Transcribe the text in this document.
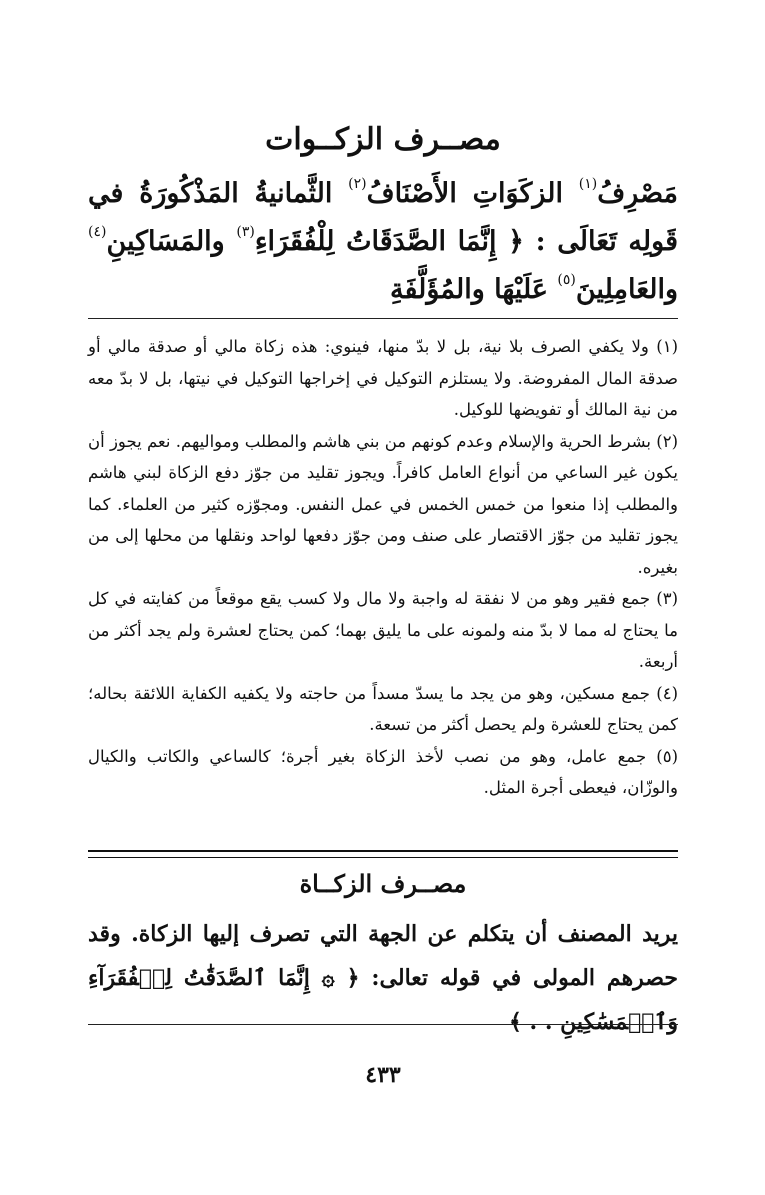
مصــرف الزكــوات
مَصْرِفُ$^{(١)}$ الزكَوَاتِ الأَصْنَافُ$^{(٢)}$ الثَّمانيةُ المَذْكُورَةُ في قَولِه تَعَالَى : ﴿ إِنَّمَا الصَّدَقَاتُ لِلْفُقَرَاءِ$^{(٣)}$ والمَسَاكِينِ$^{(٤)}$ والعَامِلِينَ$^{(٥)}$ عَلَيْهَا والمُؤَلَّفَةِ

(١) ولا يكفي الصرف بلا نية، بل لا بدّ منها، فينوي: هذه زكاة مالي أو صدقة مالي أو صدقة المال المفروضة. ولا يستلزم التوكيل في إخراجها التوكيل في نيتها، بل لا بدّ معه من نية المالك أو تفويضها للوكيل.

(٢) بشرط الحرية والإسلام وعدم كونهم من بني هاشم والمطلب ومواليهم. نعم يجوز أن يكون غير الساعي من أنواع العامل كافراً. ويجوز تقليد من جوّز دفع الزكاة لبني هاشم والمطلب إذا منعوا من خمس الخمس في عمل النفس. ومجوّزه كثير من العلماء. كما يجوز تقليد من جوّز الاقتصار على صنف ومن جوّز دفعها لواحد ونقلها من محلها إلى من بغيره.

(٣) جمع فقير وهو من لا نفقة له واجبة ولا مال ولا كسب يقع موقعاً من كفايته في كل ما يحتاج له مما لا بدّ منه ولمونه على ما يليق بهما؛ كمن يحتاج لعشرة ولم يجد أكثر من أربعة.

(٤) جمع مسكين، وهو من يجد ما يسدّ مسداً من حاجته ولا يكفيه الكفاية اللائقة بحاله؛ كمن يحتاج للعشرة ولم يحصل أكثر من تسعة.

(٥) جمع عامل، وهو من نصب لأخذ الزكاة بغير أجرة؛ كالساعي والكاتب والكيال والوزّان، فيعطى أجرة المثل.

مصــرف الزكــاة
يريد المصنف أن يتكلم عن الجهة التي تصرف إليها الزكاة. وقد حصرهم المولى في قوله تعالى: ﴿ ۞ إِنَّمَا ٱلصَّدَقَٰتُ لِلۡفُقَرَآءِ وَٱلۡمَسَٰكِينِ . . ﴾
٤٣٣
